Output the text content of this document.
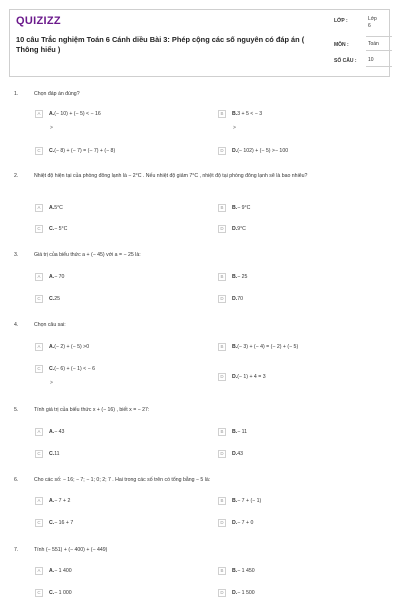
QUIZIZZ
10 câu Trắc nghiệm Toán 6 Cánh diều Bài 3: Phép cộng các số nguyên có đáp án ( Thông hiểu )
LỚP :	Lớp 6
MÔN :	Toán
SỐ CÂU : 10
1.	Chọn đáp án đúng?
A	A.(− 10) + (− 5) < − 16
>
B	B.3 + 5 < − 3
>
C	C.(− 8) + (− 7) = (− 7) + (− 8)	D	D.(− 102) + (− 5) >− 100
2.	Nhiệt độ hiện tại của phòng đông lạnh là − 2°C . Nếu nhiệt độ giảm 7°C , nhiệt độ tại phòng đông lạnh sẽ là bao nhiêu?
A	A.5°C	B	B.− 9°C
C	C.− 5°C	D	D.9°C
3.	Giá trị của biểu thức a + (− 45) với a = − 25 là:
A	A.− 70	B	B.− 25
C	C.25	D	D.70
4.	Chọn câu sai:
A	A.(− 2) + (− 5) >0	B	B.(− 3) + (− 4) = (− 2) + (− 5)
C	C.(− 6) + (− 1) < − 6
>
D	D.(− 1) + 4 = 3
5.	Tính giá trị của biểu thức x + (− 16) , biết x = − 27:
A	A.− 43	B	B.− 11
C	C.11	D	D.43
6.	Cho các số: − 16; − 7; − 1; 0; 2; 7 . Hai trong các số trên có tổng bằng − 5 là:
A	A.− 7 + 2	B	B.− 7 + (− 1)
C	C.− 16 + 7	D	D.− 7 + 0
7.	Tính (− 551) + (− 400) + (− 449)
A	A.− 1 400	B	B.− 1 450
C	C.− 1 000	D	D.− 1 500
